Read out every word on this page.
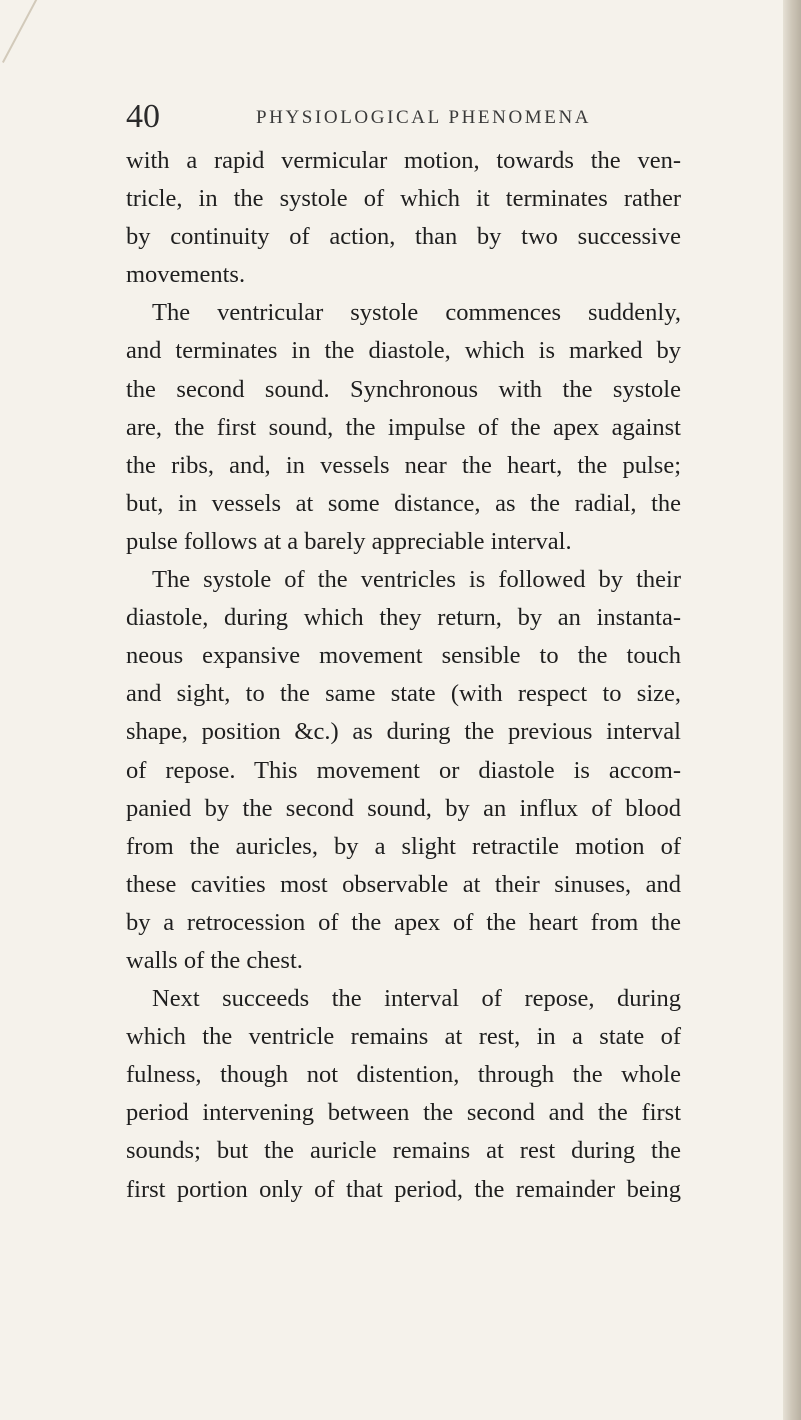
40	PHYSIOLOGICAL PHENOMENA
with a rapid vermicular motion, towards the ven-
tricle, in the systole of which it terminates rather
by continuity of action, than by two successive
movements.
The ventricular systole commences suddenly,
and terminates in the diastole, which is marked by
the second sound. Synchronous with the systole
are, the first sound, the impulse of the apex against
the ribs, and, in vessels near the heart, the pulse;
but, in vessels at some distance, as the radial, the
pulse follows at a barely appreciable interval.
The systole of the ventricles is followed by their
diastole, during which they return, by an instanta-
neous expansive movement sensible to the touch
and sight, to the same state (with respect to size,
shape, position &c.) as during the previous interval
of repose. This movement or diastole is accom-
panied by the second sound, by an influx of blood
from the auricles, by a slight retractile motion of
these cavities most observable at their sinuses, and
by a retrocession of the apex of the heart from the
walls of the chest.
Next succeeds the interval of repose, during
which the ventricle remains at rest, in a state of
fulness, though not distention, through the whole
period intervening between the second and the first
sounds; but the auricle remains at rest during the
first portion only of that period, the remainder being
